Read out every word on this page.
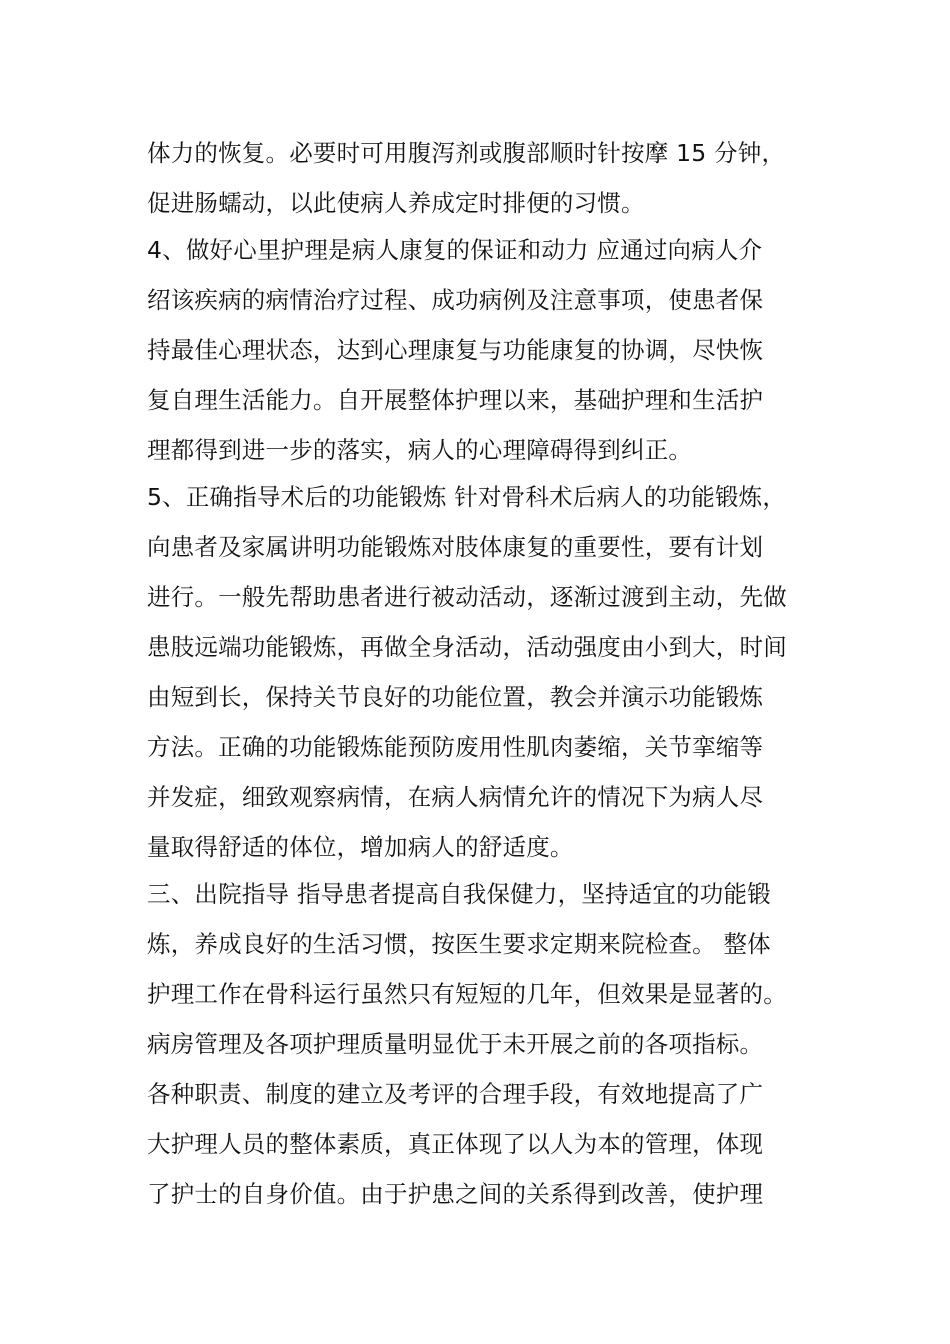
体力的恢复。必要时可用腹泻剂或腹部顺时针按摩 15 分钟，
促进肠蠕动，以此使病人养成定时排便的习惯。
4、做好心里护理是病人康复的保证和动力 应通过向病人介
绍该疾病的病情治疗过程、成功病例及注意事项，使患者保
持最佳心理状态，达到心理康复与功能康复的协调，尽快恢
复自理生活能力。自开展整体护理以来，基础护理和生活护
理都得到进一步的落实，病人的心理障碍得到纠正。
5、正确指导术后的功能锻炼 针对骨科术后病人的功能锻炼，
向患者及家属讲明功能锻炼对肢体康复的重要性，要有计划
进行。一般先帮助患者进行被动活动，逐渐过渡到主动，先做
患肢远端功能锻炼，再做全身活动，活动强度由小到大，时间
由短到长，保持关节良好的功能位置，教会并演示功能锻炼
方法。正确的功能锻炼能预防废用性肌肉萎缩，关节挛缩等
并发症，细致观察病情，在病人病情允许的情况下为病人尽
量取得舒适的体位，增加病人的舒适度。
三、出院指导 指导患者提高自我保健力，坚持适宜的功能锻
炼，养成良好的生活习惯，按医生要求定期来院检查。 整体
护理工作在骨科运行虽然只有短短的几年，但效果是显著的。
病房管理及各项护理质量明显优于未开展之前的各项指标。
各种职责、制度的建立及考评的合理手段，有效地提高了广
大护理人员的整体素质，真正体现了以人为本的管理，体现
了护士的自身价值。由于护患之间的关系得到改善，使护理
